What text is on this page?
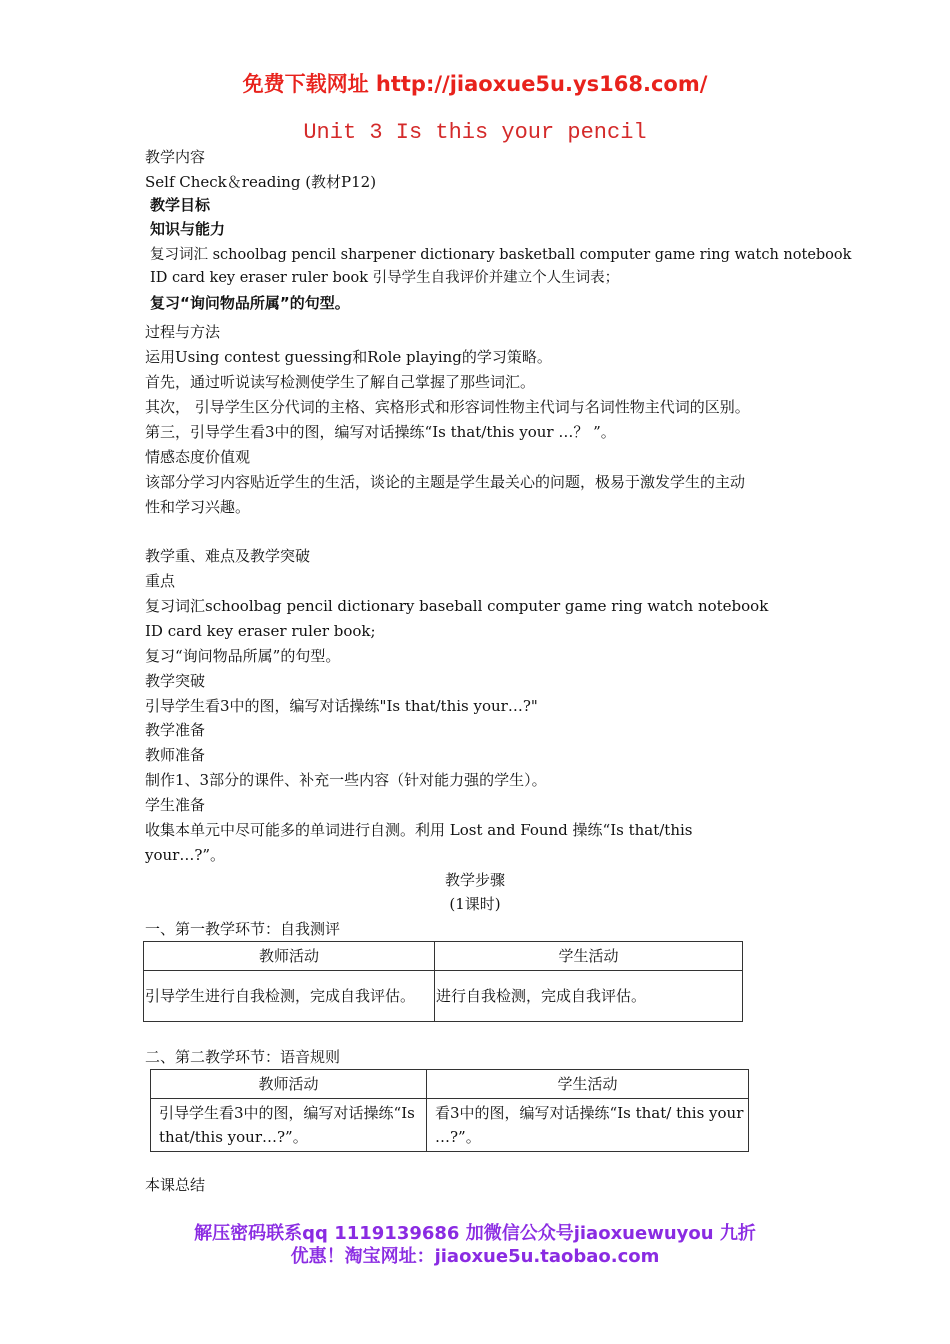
免费下载网址 http://jiaoxue5u.ys168.com/
Unit 3 Is this your pencil
教学内容
Self Check＆reading (教材P12)
教学目标
知识与能力
复习词汇 schoolbag pencil sharpener dictionary basketball computer game ring watch notebook
ID card key eraser ruler book 引导学生自我评价并建立个人生词表；
复习“询问物品所属”的句型。
过程与方法
运用Using contest guessing和Role playing的学习策略。
首先，通过听说读写检测使学生了解自己掌握了那些词汇。
其次， 引导学生区分代词的主格、宾格形式和形容词性物主代词与名词性物主代词的区别。
第三，引导学生看3中的图，编写对话操练“Is that/this your …？ ”。
情感态度价值观
该部分学习内容贴近学生的生活，谈论的主题是学生最关心的问题，极易于激发学生的主动
性和学习兴趣。
教学重、难点及教学突破
重点
复习词汇schoolbag pencil dictionary baseball computer game ring watch notebook
ID card key eraser ruler book;
复习“询问物品所属”的句型。
教学突破
引导学生看3中的图，编写对话操练"Is that/this your…?"
教学准备
教师准备
制作1、3部分的课件、补充一些内容（针对能力强的学生）。
学生准备
收集本单元中尽可能多的单词进行自测。利用 Lost and Found 操练“Is that/this
your…?”。
教学步骤
(1课时)
一、第一教学环节：自我测评
教师活动	学生活动
引导学生进行自我检测，完成自我评估。	进行自我检测，完成自我评估。
二、第二教学环节：语音规则
教师活动	学生活动
引导学生看3中的图，编写对话操练“Is that/this your…?”。	看3中的图，编写对话操练“Is that/ this your …?”。
本课总结
解压密码联系qq 1119139686 加微信公众号jiaoxuewuyou 九折
优惠！淘宝网址：jiaoxue5u.taobao.com
